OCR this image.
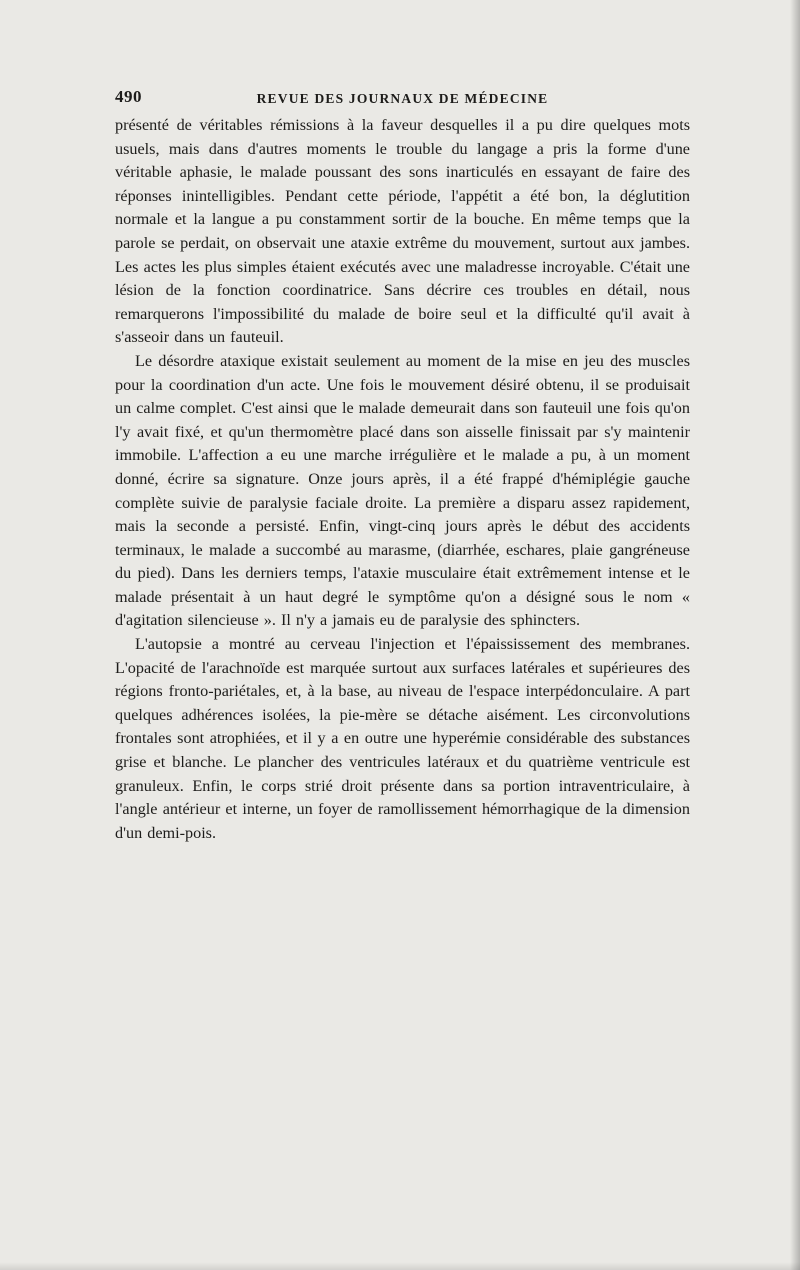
490	REVUE DES JOURNAUX DE MÉDECINE

présenté de véritables rémissions à la faveur desquelles il a pu dire quelques mots usuels, mais dans d'autres moments le trouble du langage a pris la forme d'une véritable aphasie, le malade poussant des sons inarticulés en essayant de faire des réponses inintelligibles. Pendant cette période, l'appétit a été bon, la déglutition normale et la langue a pu constamment sortir de la bouche. En même temps que la parole se perdait, on observait une ataxie extrême du mouvement, surtout aux jambes. Les actes les plus simples étaient exécutés avec une maladresse incroyable. C'était une lésion de la fonction coordinatrice. Sans décrire ces troubles en détail, nous remarquerons l'impossibilité du malade de boire seul et la difficulté qu'il avait à s'asseoir dans un fauteuil.

Le désordre ataxique existait seulement au moment de la mise en jeu des muscles pour la coordination d'un acte. Une fois le mouvement désiré obtenu, il se produisait un calme complet. C'est ainsi que le malade demeurait dans son fauteuil une fois qu'on l'y avait fixé, et qu'un thermomètre placé dans son aisselle finissait par s'y maintenir immobile. L'affection a eu une marche irrégulière et le malade a pu, à un moment donné, écrire sa signature. Onze jours après, il a été frappé d'hémiplégie gauche complète suivie de paralysie faciale droite. La première a disparu assez rapidement, mais la seconde a persisté. Enfin, vingt-cinq jours après le début des accidents terminaux, le malade a succombé au marasme, (diarrhée, eschares, plaie gangréneuse du pied). Dans les derniers temps, l'ataxie musculaire était extrêmement intense et le malade présentait à un haut degré le symptôme qu'on a désigné sous le nom « d'agitation silencieuse ». Il n'y a jamais eu de paralysie des sphincters.

L'autopsie a montré au cerveau l'injection et l'épaississement des membranes. L'opacité de l'arachnoïde est marquée surtout aux surfaces latérales et supérieures des régions fronto-pariétales, et, à la base, au niveau de l'espace interpédonculaire. A part quelques adhérences isolées, la pie-mère se détache aisément. Les circonvolutions frontales sont atrophiées, et il y a en outre une hyperémie considérable des substances grise et blanche. Le plancher des ventricules latéraux et du quatrième ventricule est granuleux. Enfin, le corps strié droit présente dans sa portion intraventriculaire, à l'angle antérieur et interne, un foyer de ramollissement hémorrhagique de la dimension d'un demi-pois.
